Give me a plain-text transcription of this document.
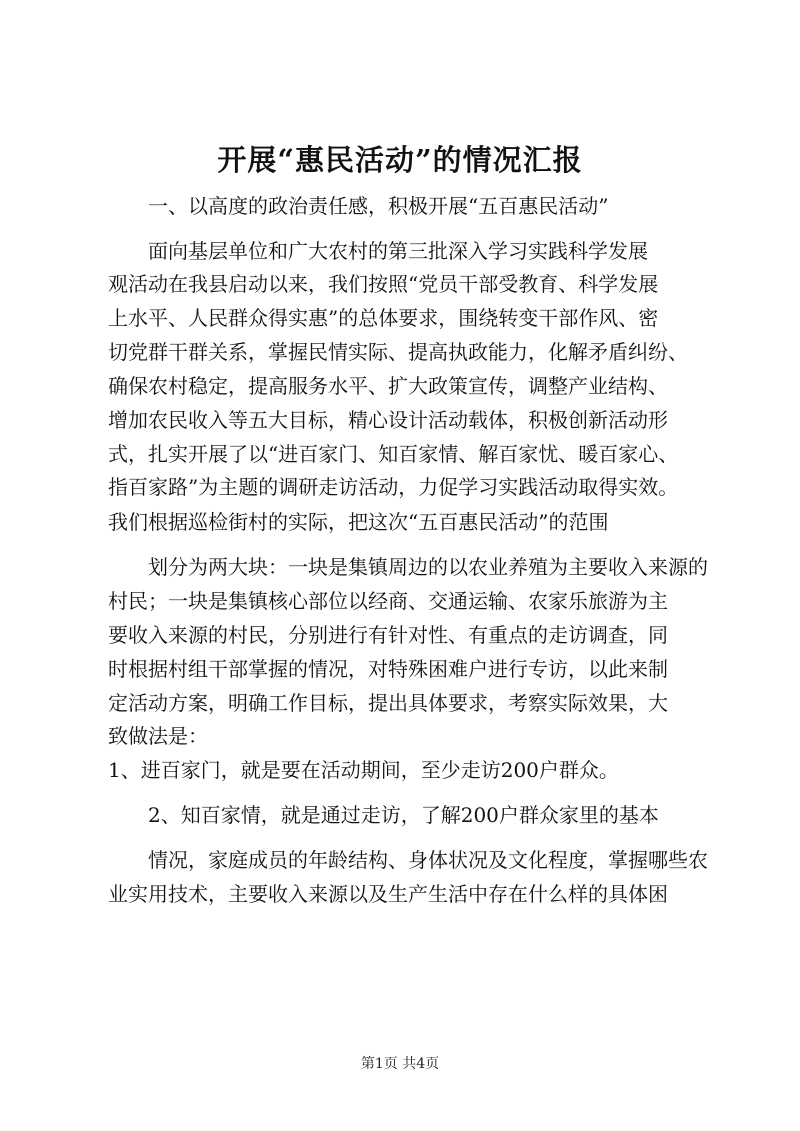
开展“惠民活动”的情况汇报

一、以高度的政治责任感，积极开展“五百惠民活动”

面向基层单位和广大农村的第三批深入学习实践科学发展

观活动在我县启动以来，我们按照“党员干部受教育、科学发展

上水平、人民群众得实惠”的总体要求，围绕转变干部作风、密

切党群干群关系，掌握民情实际、提高执政能力，化解矛盾纠纷、

确保农村稳定，提高服务水平、扩大政策宣传，调整产业结构、

增加农民收入等五大目标，精心设计活动载体，积极创新活动形

式，扎实开展了以“进百家门、知百家情、解百家忧、暖百家心、

指百家路”为主题的调研走访活动，力促学习实践活动取得实效。

我们根据巡检街村的实际，把这次“五百惠民活动”的范围

划分为两大块：一块是集镇周边的以农业养殖为主要收入来源的

村民；一块是集镇核心部位以经商、交通运输、农家乐旅游为主

要收入来源的村民，分别进行有针对性、有重点的走访调查，同

时根据村组干部掌握的情况，对特殊困难户进行专访，以此来制

定活动方案，明确工作目标，提出具体要求，考察实际效果，大

致做法是：

1、进百家门，就是要在活动期间，至少走访200户群众。

2、知百家情，就是通过走访，了解200户群众家里的基本

情况，家庭成员的年龄结构、身体状况及文化程度，掌握哪些农

业实用技术，主要收入来源以及生产生活中存在什么样的具体困

第1页 共4页
